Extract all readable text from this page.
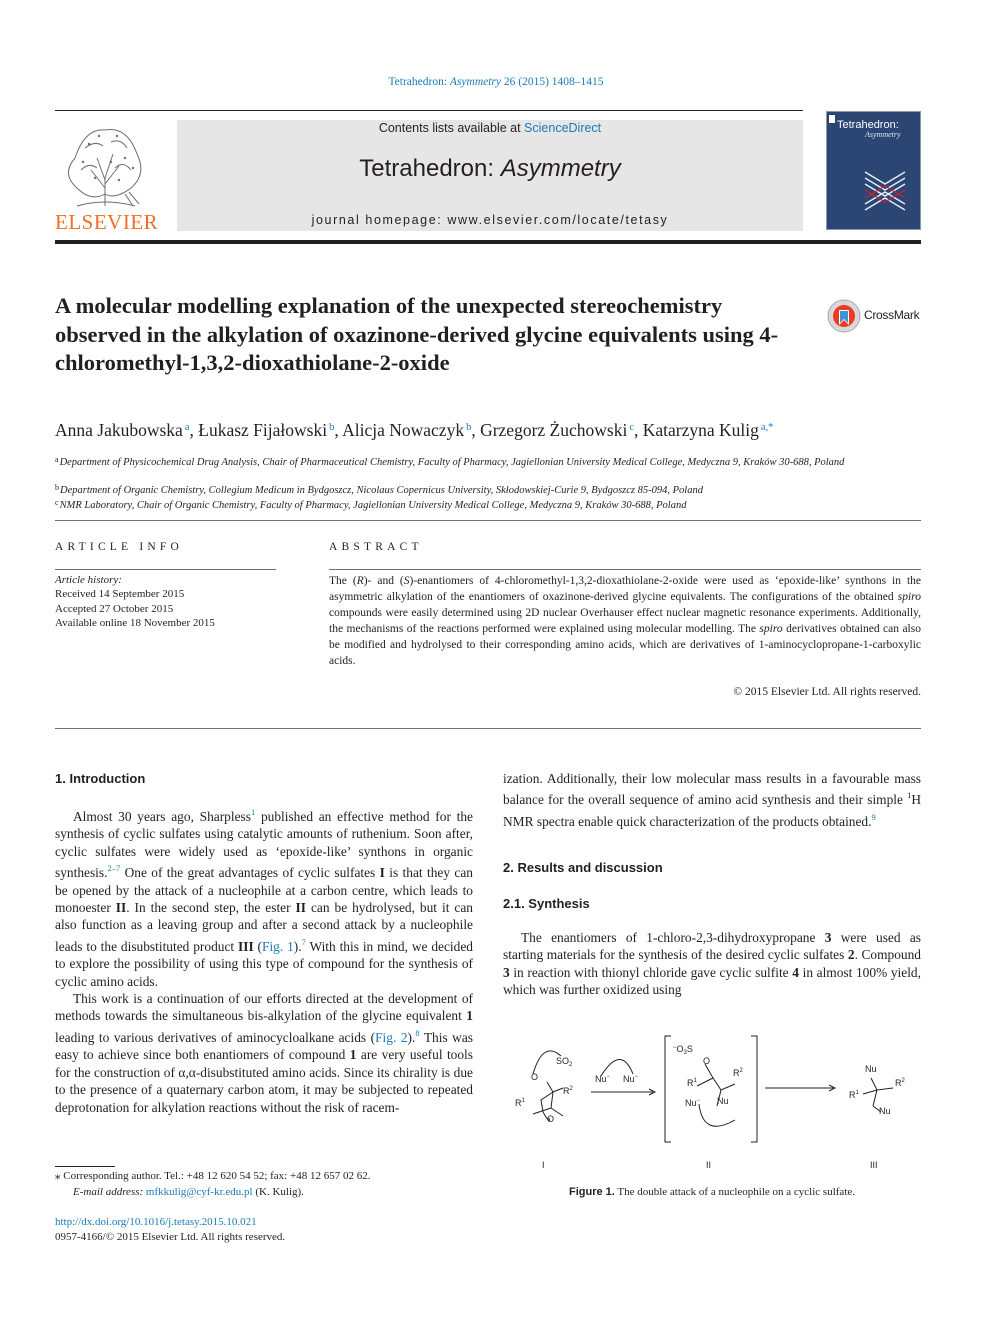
Tetrahedron: Asymmetry 26 (2015) 1408–1415
ELSEVIER
Contents lists available at ScienceDirect
Tetrahedron: Asymmetry
journal homepage: www.elsevier.com/locate/tetasy
Tetrahedron:
Asymmetry
A molecular modelling explanation of the unexpected stereochemistry observed in the alkylation of oxazinone-derived glycine equivalents using 4-chloromethyl-1,3,2-dioxathiolane-2-oxide
CrossMark
Anna Jakubowska $^a$, Łukasz Fijałowski $^b$, Alicja Nowaczyk $^b$, Grzegorz Żuchowski $^c$, Katarzyna Kulig $^{a,*}$
$^a$Department of Physicochemical Drug Analysis, Chair of Pharmaceutical Chemistry, Faculty of Pharmacy, Jagiellonian University Medical College, Medyczna 9, Kraków 30-688, Poland
$^b$Department of Organic Chemistry, Collegium Medicum in Bydgoszcz, Nicolaus Copernicus University, Skłodowskiej-Curie 9, Bydgoszcz 85-094, Poland
$^c$NMR Laboratory, Chair of Organic Chemistry, Faculty of Pharmacy, Jagiellonian University Medical College, Medyczna 9, Kraków 30-688, Poland
ARTICLE INFO
Article history:
Received 14 September 2015
Accepted 27 October 2015
Available online 18 November 2015
ABSTRACT
The (R)- and (S)-enantiomers of 4-chloromethyl-1,3,2-dioxathiolane-2-oxide were used as ‘epoxide-like’ synthons in the asymmetric alkylation of the enantiomers of oxazinone-derived glycine equivalents. The configurations of the obtained spiro compounds were easily determined using 2D nuclear Overhauser effect nuclear magnetic resonance experiments. Additionally, the mechanisms of the reactions performed were explained using molecular modelling. The spiro derivatives obtained can also be modified and hydrolysed to their corresponding amino acids, which are derivatives of 1-aminocyclopropane-1-carboxylic acids.
© 2015 Elsevier Ltd. All rights reserved.
1. Introduction

Almost 30 years ago, Sharpless$^1$ published an effective method for the synthesis of cyclic sulfates using catalytic amounts of ruthenium. Soon after, cyclic sulfates were widely used as ‘epoxide-like’ synthons in organic synthesis.$^{2-7}$ One of the great advantages of cyclic sulfates I is that they can be opened by the attack of a nucleophile at a carbon centre, which leads to monoester II. In the second step, the ester II can be hydrolysed, but it can also function as a leaving group and after a second attack by a nucleophile leads to the disubstituted product III (Fig. 1).$^7$ With this in mind, we decided to explore the possibility of using this type of compound for the synthesis of cyclic amino acids.

This work is a continuation of our efforts directed at the development of methods towards the simultaneous bis-alkylation of the glycine equivalent 1 leading to various derivatives of aminocycloalkane acids (Fig. 2).$^8$ This was easy to achieve since both enantiomers of compound 1 are very useful tools for the construction of α,α-disubstituted amino acids. Since its chirality is due to the presence of a quaternary carbon atom, it may be subjected to repeated deprotonation for alkylation reactions without the risk of racem-

ization. Additionally, their low molecular mass results in a favourable mass balance for the overall sequence of amino acid synthesis and their simple $^1$H NMR spectra enable quick characterization of the products obtained.$^9$

2. Results and discussion
2.1. Synthesis

The enantiomers of 1-chloro-2,3-dihydroxypropane 3 were used as starting materials for the synthesis of the desired cyclic sulfates 2. Compound 3 in reaction with thionyl chloride gave cyclic sulfite 4 in almost 100% yield, which was further oxidized using

$SO_2$
O
O
$R^1$
$R^2$
Nu− Nu−
$^-O_3S$
O
$R^1$
$R^2$
Nu− Nu
Nu
$R^1$
$R^2$
Nu
I	II	III
Figure 1. The double attack of a nucleophile on a cyclic sulfate.
⁎ Corresponding author. Tel.: +48 12 620 54 52; fax: +48 12 657 02 62.
E-mail address: mfkkulig@cyf-kr.edu.pl (K. Kulig).
http://dx.doi.org/10.1016/j.tetasy.2015.10.021
0957-4166/© 2015 Elsevier Ltd. All rights reserved.
